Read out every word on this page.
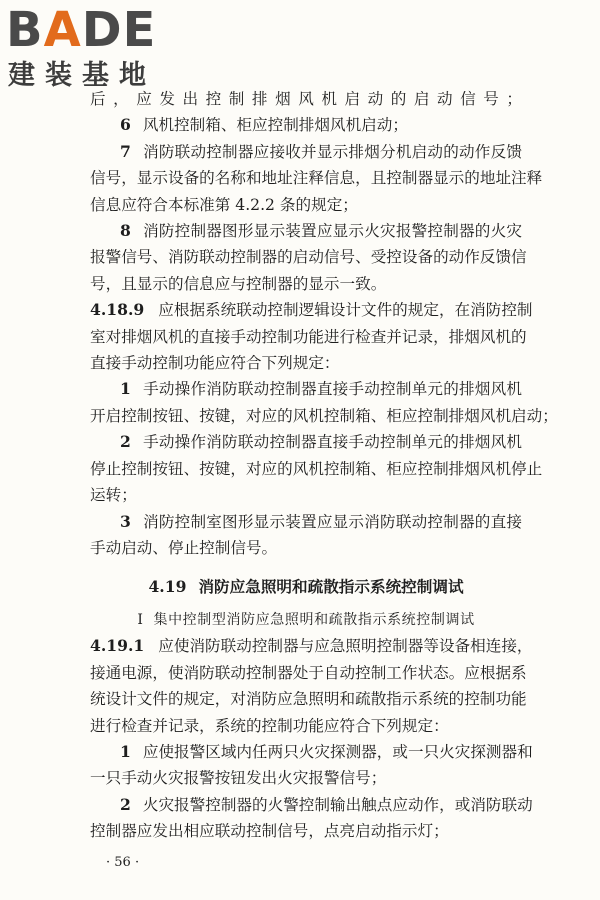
BADE
建装基地
后，应发出控制排烟风机启动的启动信号；
6 风机控制箱、柜应控制排烟风机启动；
7 消防联动控制器应接收并显示排烟分机启动的动作反馈
信号，显示设备的名称和地址注释信息，且控制器显示的地址注释
信息应符合本标准第 4.2.2 条的规定；
8 消防控制器图形显示装置应显示火灾报警控制器的火灾
报警信号、消防联动控制器的启动信号、受控设备的动作反馈信
号，且显示的信息应与控制器的显示一致。
4.18.9 应根据系统联动控制逻辑设计文件的规定，在消防控制
室对排烟风机的直接手动控制功能进行检查并记录，排烟风机的
直接手动控制功能应符合下列规定：
1 手动操作消防联动控制器直接手动控制单元的排烟风机
开启控制按钮、按键，对应的风机控制箱、柜应控制排烟风机启动；
2 手动操作消防联动控制器直接手动控制单元的排烟风机
停止控制按钮、按键，对应的风机控制箱、柜应控制排烟风机停止
运转；
3 消防控制室图形显示装置应显示消防联动控制器的直接
手动启动、停止控制信号。
4.19 消防应急照明和疏散指示系统控制调试
Ⅰ 集中控制型消防应急照明和疏散指示系统控制调试
4.19.1 应使消防联动控制器与应急照明控制器等设备相连接，
接通电源，使消防联动控制器处于自动控制工作状态。应根据系
统设计文件的规定，对消防应急照明和疏散指示系统的控制功能
进行检查并记录，系统的控制功能应符合下列规定：
1 应使报警区域内任两只火灾探测器，或一只火灾探测器和
一只手动火灾报警按钮发出火灾报警信号；
2 火灾报警控制器的火警控制输出触点应动作，或消防联动
控制器应发出相应联动控制信号，点亮启动指示灯；
· 56 ·
